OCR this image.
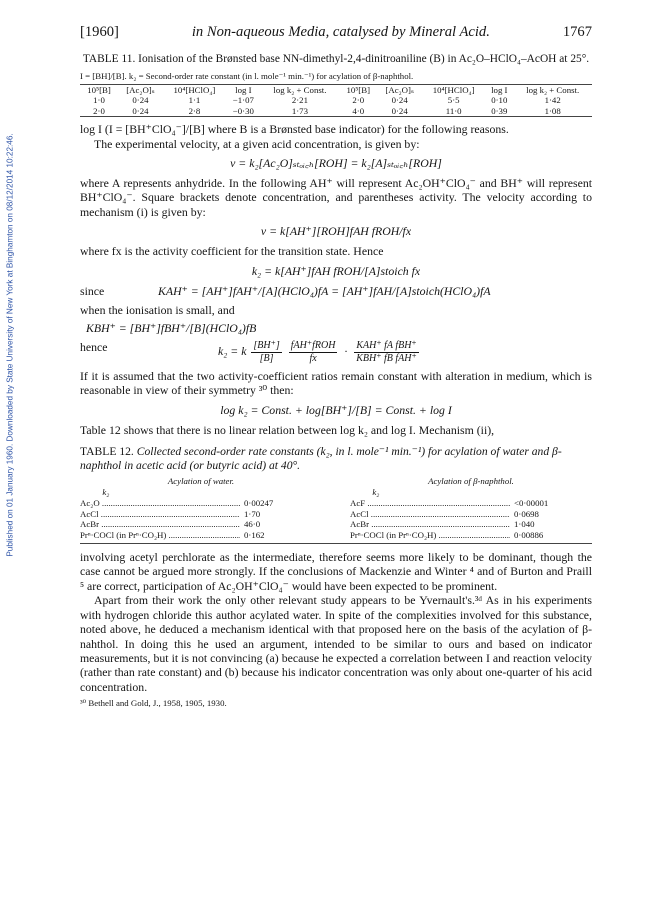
Published on 01 January 1960. Downloaded by State University of New York at Binghamton on 08/12/2014 10:22:46.
[1960]	in Non-aqueous Media, catalysed by Mineral Acid.	1767
TABLE 11. Ionisation of the Brønsted base NN-dimethyl-2,4-dinitroaniline (B) in Ac₂O–HClO₄–AcOH at 25°.
I = [BH]/[B]. k₂ = Second-order rate constant (in l. mole⁻¹ min.⁻¹) for acylation of β-naphthol.
10⁵[B]	[Ac₂O]ₛ	10⁴[HClO₄]	log I	log k₂ + Const.	10⁵[B]	[Ac₂O]ₛ	10⁴[HClO₄]	log I	log k₂ + Const.
1·0	0·24	1·1	−1·07	2·21	2·0	0·24	5·5	0·10	1·42
2·0	0·24	2·8	−0·30	1·73	4·0	0·24	11·0	0·39	1·08

log I (I = [BH⁺ClO₄⁻]/[B] where B is a Brønsted base indicator) for the following reasons.

The experimental velocity, at a given acid concentration, is given by:

v = k₂[Ac₂O]ₛₜₒᵢ꜀ₕ[ROH] = k₂[A]ₛₜₒᵢ꜀ₕ[ROH]

where A represents anhydride. In the following AH⁺ will represent Ac₂OH⁺ClO₄⁻ and BH⁺ will represent BH⁺ClO₄⁻. Square brackets denote concentration, and parentheses activity. The velocity according to mechanism (i) is given by:

v = k[AH⁺][ROH]fAH fROH/fx

where fx is the activity coefficient for the transition state. Hence

k₂ = k[AH⁺]fAH fROH/[A]stoich fx
since	KAH⁺ = [AH⁺]fAH⁺/[A](HClO₄)fA = [AH⁺]fAH/[A]stoich(HClO₄)fA

when the ionisation is small, and

KBH⁺ = [BH⁺]fBH⁺/[B](HClO₄)fB
hence	k₂ = k $\frac{[BH^+]}{[B]}$
$\frac{\text{fAH⁺fROH}}{fx} \cdot \frac{\text{KAH⁺ fA fBH⁺}}{\text{KBH⁺ fB fAH⁺}}$

If it is assumed that the two activity-coefficient ratios remain constant with alteration in medium, which is reasonable in view of their symmetry ³⁰ then:

log k₂ = Const. + log[BH⁺]/[B] = Const. + log I

Table 12 shows that there is no linear relation between log k₂ and log I. Mechanism (ii),

TABLE 12. Collected second-order rate constants (k₂, in l. mole⁻¹ min.⁻¹) for acylation of water and β-naphthol in acetic acid (or butyric acid) at 40°.
Acylation of water.
k₂
Ac₂O .....	0·00247
AcCl .....	1·70
AcBr .....	46·0
Prⁿ·COCl (in Prⁿ·CO₂H) .....	0·162
Acylation of β-naphthol.
k₂
AcF .....	<0·00001
AcCl .....	0·0698
AcBr .....	1·040
Prⁿ·COCl (in Prⁿ·CO₂H) .....	0·00886

involving acetyl perchlorate as the intermediate, therefore seems more likely to be dominant, though the case cannot be argued more strongly. If the conclusions of Mackenzie and Winter ⁴ and of Burton and Praill ⁵ are correct, participation of Ac₂OH⁺ClO₄⁻ would have been expected to be prominent.

Apart from their work the only other relevant study appears to be Yvernault's.³ᵈ As in his experiments with hydrogen chloride this author acylated water. In spite of the complexities involved for this substance, noted above, he deduced a mechanism identical with that proposed here on the basis of the acylation of β-nahthol. In doing this he used an argument, intended to be similar to ours and based on indicator measurements, but it is not convincing (a) because he expected a correlation between I and reaction velocity (rather than rate constant) and (b) because his indicator concentration was only about one-quarter of his acid concentration.

³⁰ Bethell and Gold, J., 1958, 1905, 1930.
